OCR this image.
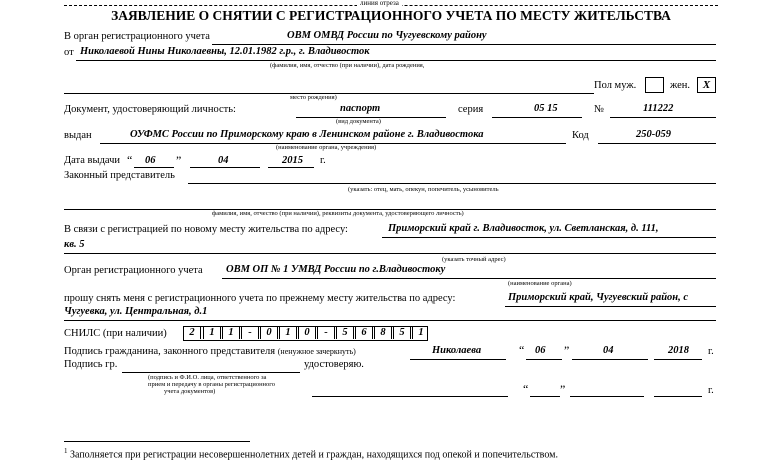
линия отреза
ЗАЯВЛЕНИЕ О СНЯТИИ С РЕГИСТРАЦИОННОГО УЧЕТА ПО МЕСТУ ЖИТЕЛЬСТВА
В орган регистрационного учета	ОВМ ОМВД России по Чугуевскому району
от Николаевой Нины Николаевны, 12.01.1982 г.р., г. Владивосток
(фамилия, имя, отчество (при наличии), дата рождения,
Пол муж.	жен.	X
место рождения)
Документ, удостоверяющий личность:	паспорт
(вид документа)
серия	05 15	№	111222
выдан	ОУФМС России по Приморскому краю в Ленинском районе г. Владивостока
(наименование органа, учреждения)
Код	250-059
Дата выдачи “ 06 ”	04	2015 г.
Законный представитель
(указать: отец, мать, опекун, попечитель, усыновитель
фамилия, имя, отчество (при наличии), реквизиты документа, удостоверяющего личность)
В связи с регистрацией по новому месту жительства по адресу:	Приморский край г. Владивосток, ул. Светланская, д. 111,
кв. 5
(указать точный адрес)
Орган регистрационного учета ОВМ ОП № 1 УМВД России по г.Владивостоку
(наименование органа)
прошу снять меня с регистрационного учета по прежнему месту жительства по адресу:	Приморский край, Чугуевский район, с
Чугуевка, ул. Центральная, д.1
СНИЛС (при наличии)	2	1	1	-	0	1	0	-	5	6	8	5	1
Подпись гражданина, законного представителя (ненужное зачеркнуть)	Николаева	“ 06 ”	04	2018 г.
Подпись гр.	удостоверяю.
(подпись и Ф.И.О. лица, ответственного за
прием и передачу в органы регистрационного
учета документов)	“	”	г.
$^1$ Заполняется при регистрации несовершеннолетних детей и граждан, находящихся под опекой и попечительством.
